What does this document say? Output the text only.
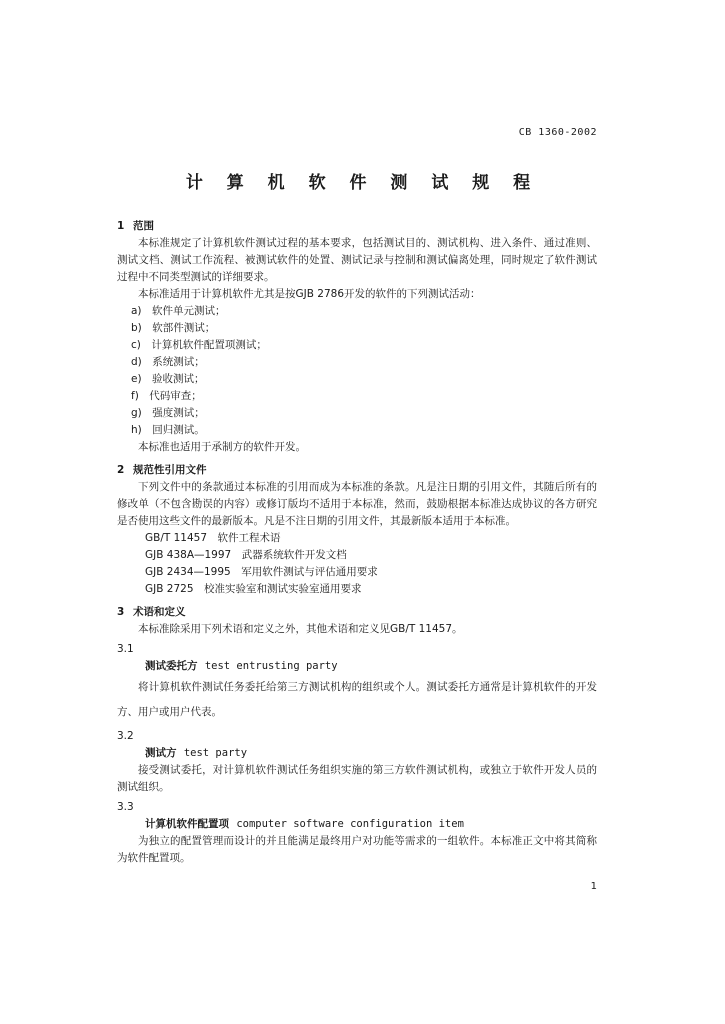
CB 1360-2002
计 算 机 软 件 测 试 规 程
1 范围
本标准规定了计算机软件测试过程的基本要求，包括测试目的、测试机构、进入条件、通过准则、测试文档、测试工作流程、被测试软件的处置、测试记录与控制和测试偏离处理，同时规定了软件测试过程中不同类型测试的详细要求。
本标准适用于计算机软件尤其是按GJB 2786开发的软件的下列测试活动：
a)　软件单元测试；
b)　软部件测试；
c)　计算机软件配置项测试；
d)　系统测试；
e)　验收测试；
f)　代码审查；
g)　强度测试；
h)　回归测试。
本标准也适用于承制方的软件开发。
2 规范性引用文件
下列文件中的条款通过本标准的引用而成为本标准的条款。凡是注日期的引用文件，其随后所有的修改单（不包含勘误的内容）或修订版均不适用于本标准，然而，鼓励根据本标准达成协议的各方研究是否使用这些文件的最新版本。凡是不注日期的引用文件，其最新版本适用于本标准。
GB/T 11457　软件工程术语
GJB 438A—1997　武器系统软件开发文档
GJB 2434—1995　军用软件测试与评估通用要求
GJB 2725　校准实验室和测试实验室通用要求
3 术语和定义
本标准除采用下列术语和定义之外，其他术语和定义见GB/T 11457。
3.1
测试委托方 test entrusting party
将计算机软件测试任务委托给第三方测试机构的组织或个人。测试委托方通常是计算机软件的开发方、用户或用户代表。
3.2
测试方 test party
接受测试委托，对计算机软件测试任务组织实施的第三方软件测试机构，或独立于软件开发人员的测试组织。
3.3
计算机软件配置项 computer software configuration item
为独立的配置管理而设计的并且能满足最终用户对功能等需求的一组软件。本标准正文中将其简称为软件配置项。
1
